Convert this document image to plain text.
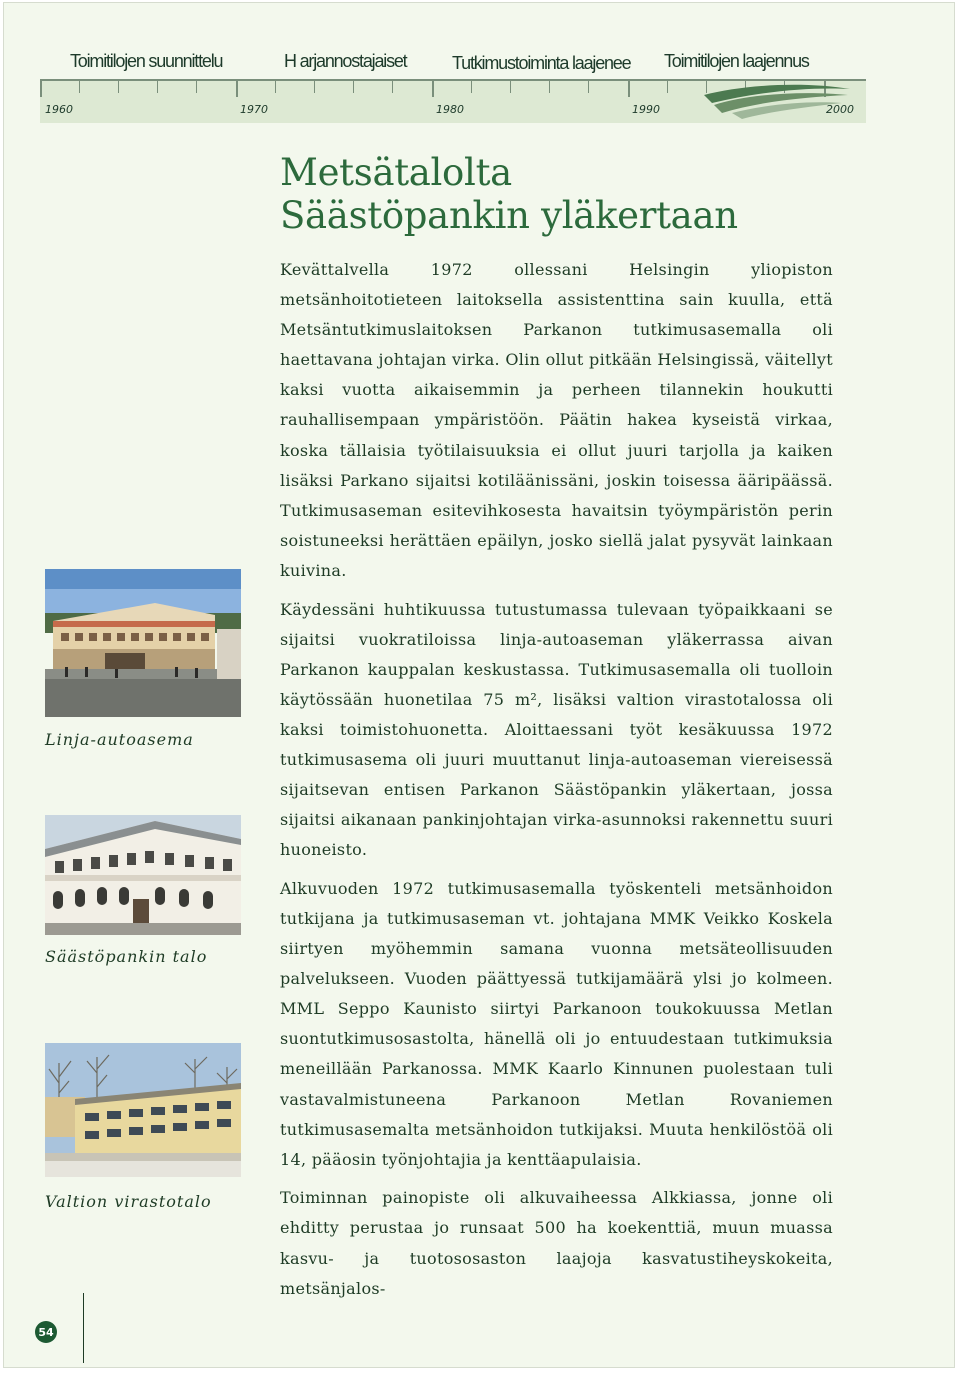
Toimitilojen suunnittelu	H arjannostajaiset	Tutkimustoiminta laajenee Toimitilojen laajennus
1960	1970	1980	1990	2000
Metsätalolta
Säästöpankin yläkertaan

Kevättalvella 1972 ollessani Helsingin yliopiston metsänhoitotieteen laitoksella assistenttina sain kuulla, että Metsäntutkimuslaitoksen Parkanon tutkimusasemalla oli haettavana johtajan virka. Olin ollut pitkään Helsingissä, väitellyt kaksi vuotta aikaisemmin ja perheen tilannekin houkutti rauhallisempaan ympäristöön. Päätin hakea kyseistä virkaa, koska tällaisia työtilaisuuksia ei ollut juuri tarjolla ja kaiken lisäksi Parkano sijaitsi kotiläänissäni, joskin toisessa ääripäässä. Tutkimusaseman esitevihkosesta havaitsin työympäristön perin soistuneeksi herättäen epäilyn, josko siellä jalat pysyvät lainkaan kuivina.

Käydessäni huhtikuussa tutustumassa tulevaan työpaikkaani se sijaitsi vuokratiloissa linja-autoaseman yläkerrassa aivan Parkanon kauppalan keskustassa. Tutkimusasemalla oli tuolloin käytössään huonetilaa 75 m², lisäksi valtion virastotalossa oli kaksi toimistohuonetta. Aloittaessani työt kesäkuussa 1972 tutkimusasema oli juuri muuttanut linja-autoaseman viereisessä sijaitsevan entisen Parkanon Säästöpankin yläkertaan, jossa sijaitsi aikanaan pankinjohtajan virka-asunnoksi rakennettu suuri huoneisto.

Alkuvuoden 1972 tutkimusasemalla työskenteli metsänhoidon tutkijana ja tutkimusaseman vt. johtajana MMK Veikko Koskela siirtyen myöhemmin samana vuonna metsäteollisuuden palvelukseen. Vuoden päättyessä tutkijamäärä ylsi jo kolmeen. MML Seppo Kaunisto siirtyi Parkanoon toukokuussa Metlan suontutkimusosastolta, hänellä oli jo entuudestaan tutkimuksia meneillään Parkanossa. MMK Kaarlo Kinnunen puolestaan tuli vastavalmistuneena Parkanoon Metlan Rovaniemen tutkimusasemalta metsänhoidon tutkijaksi. Muuta henkilöstöä oli 14, pääosin työnjohtajia ja kenttäapulaisia.

Toiminnan painopiste oli alkuvaiheessa Alkkiassa, jonne oli ehditty perustaa jo runsaat 500 ha koekenttiä, muun muassa kasvu- ja tuotososaston laajoja kasvatustiheyskokeita, metsänjalos-

Linja-autoasema
Säästöpankin talo
Valtion virastotalo
54
